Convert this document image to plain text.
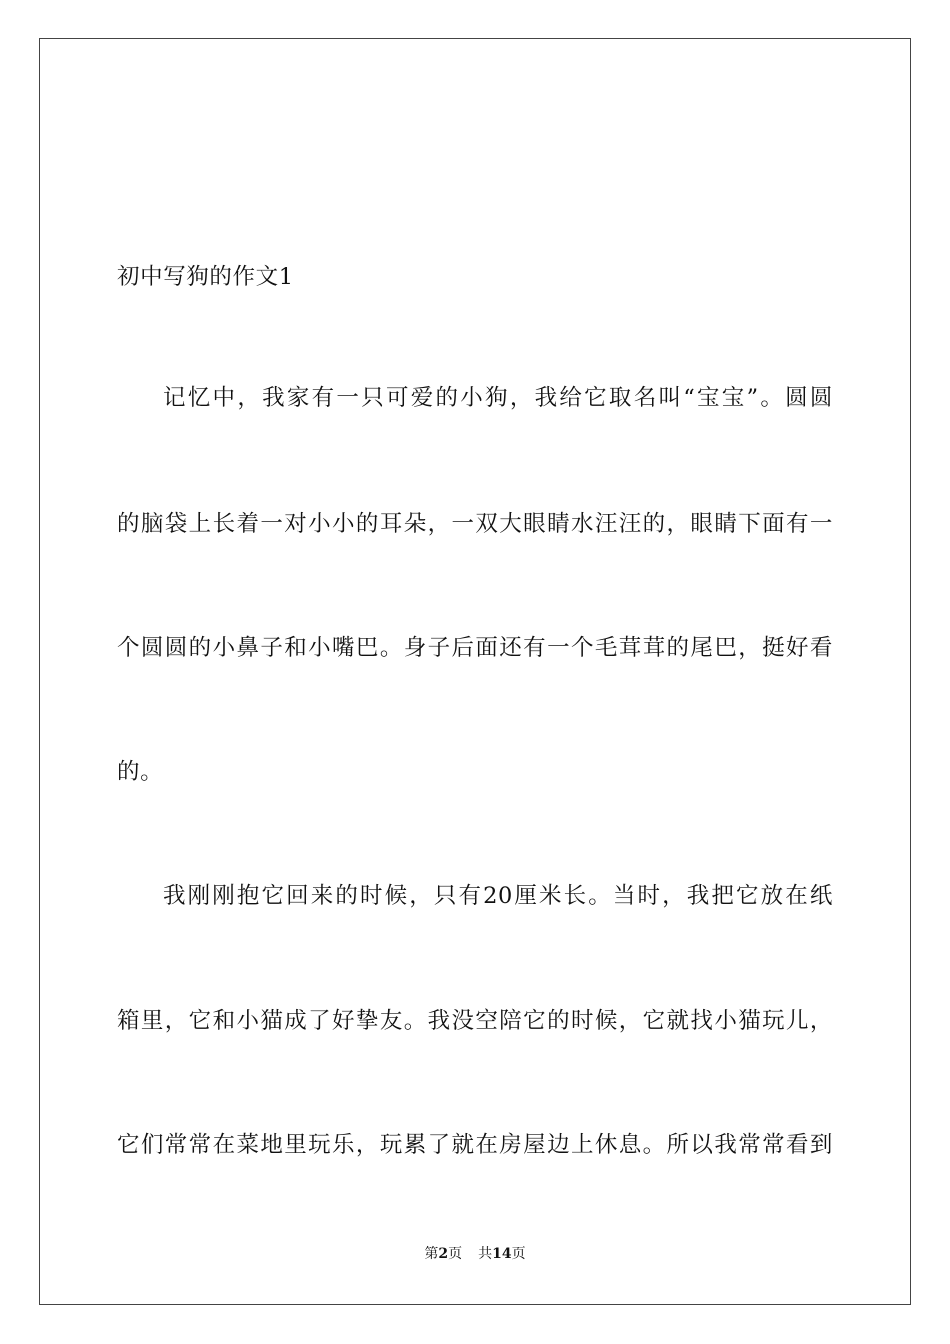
初中写狗的作文1
记忆中，我家有一只可爱的小狗，我给它取名叫“宝宝”。圆圆
的脑袋上长着一对小小的耳朵，一双大眼睛水汪汪的，眼睛下面有一
个圆圆的小鼻子和小嘴巴。身子后面还有一个毛茸茸的尾巴，挺好看
的。
我刚刚抱它回来的时候，只有20厘米长。当时，我把它放在纸
箱里，它和小猫成了好挚友。我没空陪它的时候，它就找小猫玩儿，
它们常常在菜地里玩乐，玩累了就在房屋边上休息。所以我常常看到
第2页 共14页
